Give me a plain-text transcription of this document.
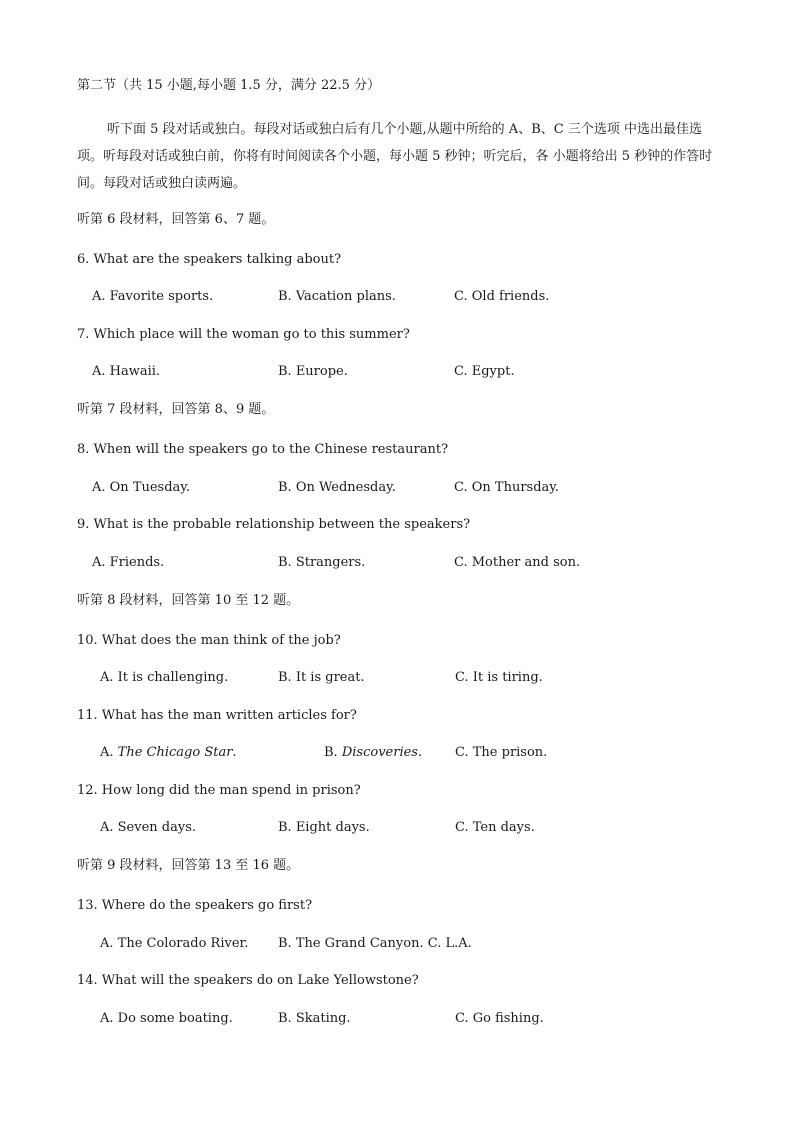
第二节（共 15 小题,每小题 1.5 分，满分 22.5 分）
听下面 5 段对话或独白。每段对话或独白后有几个小题,从题中所给的 A、B、C 三个选项 中选出最佳选项。听每段对话或独白前，你将有时间阅读各个小题，每小题 5 秒钟；听完后，各 小题将给出 5 秒钟的作答时间。每段对话或独白读两遍。
听第 6 段材料，回答第 6、7 题。
6. What are the speakers talking about?
A. Favorite sports.	B. Vacation plans.	C. Old friends.
7. Which place will the woman go to this summer?
A. Hawaii.	B. Europe.	C. Egypt.
听第 7 段材料，回答第 8、9 题。
8. When will the speakers go to the Chinese restaurant?
A. On Tuesday.	B. On Wednesday.	C. On Thursday.
9. What is the probable relationship between the speakers?
A. Friends.	B. Strangers.	C. Mother and son.
听第 8 段材料，回答第 10 至 12 题。
10. What does the man think of the job?
A. It is challenging.	B. It is great.	C. It is tiring.
11. What has the man written articles for?
A. The Chicago Star.	B. Discoveries.	C. The prison.
12. How long did the man spend in prison?
A. Seven days.	B. Eight days.	C. Ten days.
听第 9 段材料，回答第 13 至 16 题。
13. Where do the speakers go first?
A. The Colorado River. B. The Grand Canyon. C. L.A.
14. What will the speakers do on Lake Yellowstone?
A. Do some boating.	B. Skating.	C. Go fishing.
